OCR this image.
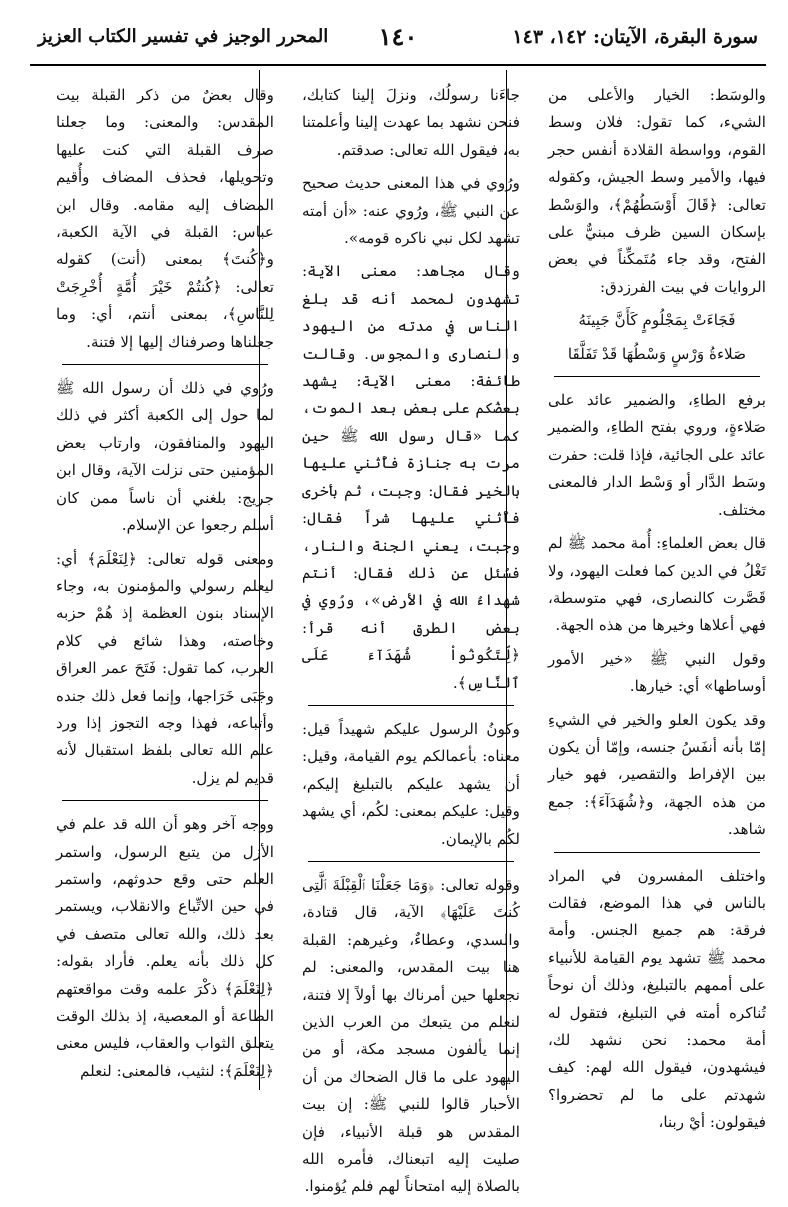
سورة البقرة، الآيتان: ١٤٢، ١٤٣
١٤٠
المحرر الوجيز في تفسير الكتاب العزيز

والوسَط: الخيار والأعلى من الشيء، كما تقول: فلان وسط القوم، وواسطة القلادة أنفس حجر فيها، والأمير وسط الجيش، وكقوله تعالى: ﴿قَالَ أَوْسَطُهُمْ﴾، والوَسْط بإسكان السين ظرف مبنيٌّ على الفتح، وقد جاء مُتَمكِّناً في بعض الروايات في بيت الفرزدق:

فَجَاءَتْ بِمَجْلُومٍ كَأَنَّ جَبِينَهُ

صَلاءةُ وَرْسٍ وَسْطُهَا قَدْ تَفَلَّقَا

برفع الطاءِ، والضمير عائد على صَلاءةٍ، وروي بفتح الطاءِ، والضمير عائد على الجائية، فإذا قلت: حفرت وسَط الدَّار أو وَسْط الدار فالمعنى مختلف.

قال بعض العلماءِ: أُمة محمد ﷺ لم تَغْلُ في الدين كما فعلت اليهود، ولا قَصَّرت كالنصارى، فهي متوسطة، فهي أعلاها وخيرها من هذه الجهة.

وقول النبي ﷺ «خير الأمور أوساطها» أي: خيارها.

وقد يكون العلو والخير في الشيءِ إمّا بأنه أنفَسُ جنسه، وإمّا أن يكون بين الإفراط والتقصير، فهو خيار من هذه الجهة، و﴿شُهَدَآءَ﴾: جمع شاهد.

واختلف المفسرون في المراد بالناس في هذا الموضع، فقالت فرقة: هم جميع الجنس. وأمة محمد ﷺ تشهد يوم القيامة للأنبياء على أممهم بالتبليغ، وذلك أن نوحاً تُناكره أمته في التبليغ، فتقول له أمة محمد: نحن نشهد لك، فيشهدون، فيقول الله لهم: كيف شهدتم على ما لم تحضروا؟ فيقولون: أيْ ربنا،

جاءَنا رسولُك، ونزلَ إلينا كتابك، فنحن نشهد بما عهدت إلينا وأعلمتنا به، فيقول الله تعالى: صدقتم.

ورُوي في هذا المعنى حديث صحيح عن النبي ﷺ، ورُوي عنه: «أن أمته تشهد لكل نبي ناكره قومه».

وقال مجاهد: معنى الآية: تشهدون لمحمد أنه قد بلغ الناس في مدته من اليهود والنصارى والمجوس. وقالت طائفة: معنى الآية: يشهد بعضُكم على بعض بعد الموت، كما «قال رسول الله ﷺ حين مرت به جنازة فأُثني عليها بالخير فقال: وجبت، ثم بأخرى فأُثني عليها شراً فقال: وجبت، يعني الجنة والنار، فسُئل عن ذلك فقال: أنتم شهداءُ الله في الأرض»، ورُوي في بعض الطرق أنه قرأ: ﴿لِّتَكُونُواْ شُهَدَآءَ عَلَى ٱلنَّاسِ﴾.

وكونُ الرسول عليكم شهيداً قيل: معناه: بأعمالكم يوم القيامة، وقيل: أن يشهد عليكم بالتبليغ إليكم، وقيل: عليكم بمعنى: لكُم، أي يشهد لكُم بالإيمان.

وقوله تعالى: ﴿وَمَا جَعَلْنَا ٱلْقِبْلَةَ ٱلَّتِى كُنتَ عَلَيْهَا﴾ الآية، قال قتادة، والسدي، وعطاءٌ، وغيرهم: القبلة هنا بيت المقدس، والمعنى: لم نجعلها حين أمرناك بها أولاً إلا فتنة، لنعلم من يتبعك من العرب الذين إنما يألفون مسجد مكة، أو من اليهود على ما قال الضحاك من أن الأحبار قالوا للنبي ﷺ: إن بيت المقدس هو قبلة الأنبياء، فإن صليت إليه اتبعناك، فأمره الله بالصلاة إليه امتحاناً لهم فلم يُؤمنوا.

وقال بعضٌ من ذكر القبلة بيت المقدس: والمعنى: وما جعلنا صرف القبلة التي كنت عليها وتحويلها، فحذف المضاف وأُقيم المضاف إليه مقامه. وقال ابن عباس: القبلة في الآية الكعبة، و﴿كُنتَ﴾ بمعنى (أنت) كقوله تعالى: ﴿كُنتُمْ خَيْرَ أُمَّةٍ أُخْرِجَتْ لِلنَّاسِ﴾، بمعنى أنتم، أي: وما جعلناها وصرفناك إليها إلا فتنة.

ورُوي في ذلك أن رسول الله ﷺ لما حول إلى الكعبة أكثر في ذلك اليهود والمنافقون، وارتاب بعض المؤمنين حتى نزلت الآية، وقال ابن جريج: بلغني أن ناساً ممن كان أسلم رجعوا عن الإسلام.

ومعنى قوله تعالى: ﴿لِنَعْلَمَ﴾ أي: ليعلم رسولي والمؤمنون به، وجاء الإسناد بنون العظمة إذ هُمْ حزبه وخاصته، وهذا شائع في كلام العرب، كما تقول: فَتَحَ عمر العراق وجَبَى خَرَاجها، وإنما فعل ذلك جنده وأتباعه، فهذا وجه التجوز إذا ورد علم الله تعالى بلفظ استقبال لأنه قديم لم يزل.

ووجه آخر وهو أن الله قد علم في الأزل من يتبع الرسول، واستمر العلم حتى وقع حدوثهم، واستمر في حين الاتِّباع والانقلاب، ويستمر بعد ذلك، والله تعالى متصف في كل ذلك بأنه يعلم. فأراد بقوله: ﴿لِنَعْلَمَ﴾ ذكْرَ علمه وقت مواقعتهم الطاعة أو المعصية، إذ بذلك الوقت يتعلق الثواب والعقاب، فليس معنى ﴿لِنَعْلَمَ﴾: لنثيب، فالمعنى: لنعلم
